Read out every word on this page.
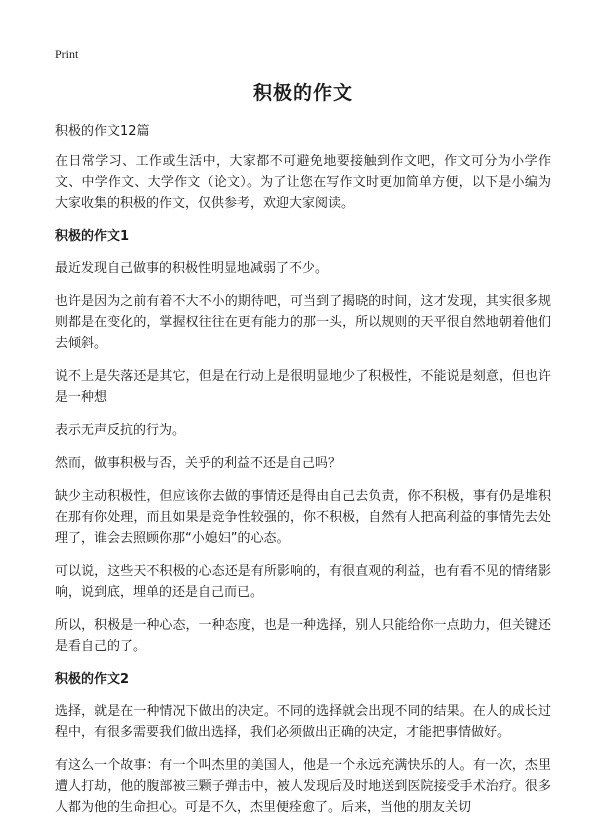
Print
积极的作文

积极的作文12篇

在日常学习、工作或生活中，大家都不可避免地要接触到作文吧，作文可分为小学作文、中学作文、大学作文（论文）。为了让您在写作文时更加简单方便，以下是小编为大家收集的积极的作文，仅供参考，欢迎大家阅读。

积极的作文1

最近发现自己做事的积极性明显地减弱了不少。

也许是因为之前有着不大不小的期待吧，可当到了揭晓的时间，这才发现，其实很多规则都是在变化的，掌握权往往在更有能力的那一头，所以规则的天平很自然地朝着他们去倾斜。

说不上是失落还是其它，但是在行动上是很明显地少了积极性，不能说是刻意，但也许是一种想

表示无声反抗的行为。

然而，做事积极与否，关乎的利益不还是自己吗？

缺少主动积极性，但应该你去做的事情还是得由自己去负责，你不积极，事有仍是堆积在那有你处理，而且如果是竞争性较强的，你不积极，自然有人把高利益的事情先去处理了，谁会去照顾你那“小媳妇”的心态。

可以说，这些天不积极的心态还是有所影响的，有很直观的利益，也有看不见的情绪影响，说到底，埋单的还是自己而已。

所以，积极是一种心态，一种态度，也是一种选择，别人只能给你一点助力，但关键还是看自己的了。

积极的作文2

选择，就是在一种情况下做出的决定。不同的选择就会出现不同的结果。在人的成长过程中，有很多需要我们做出选择，我们必须做出正确的决定，才能把事情做好。

有这么一个故事：有一个叫杰里的美国人，他是一个永远充满快乐的人。有一次，杰里遭人打劫，他的腹部被三颗子弹击中，被人发现后及时地送到医院接受手术治疗。很多人都为他的生命担心。可是不久，杰里便痊愈了。后来，当他的朋友关切
